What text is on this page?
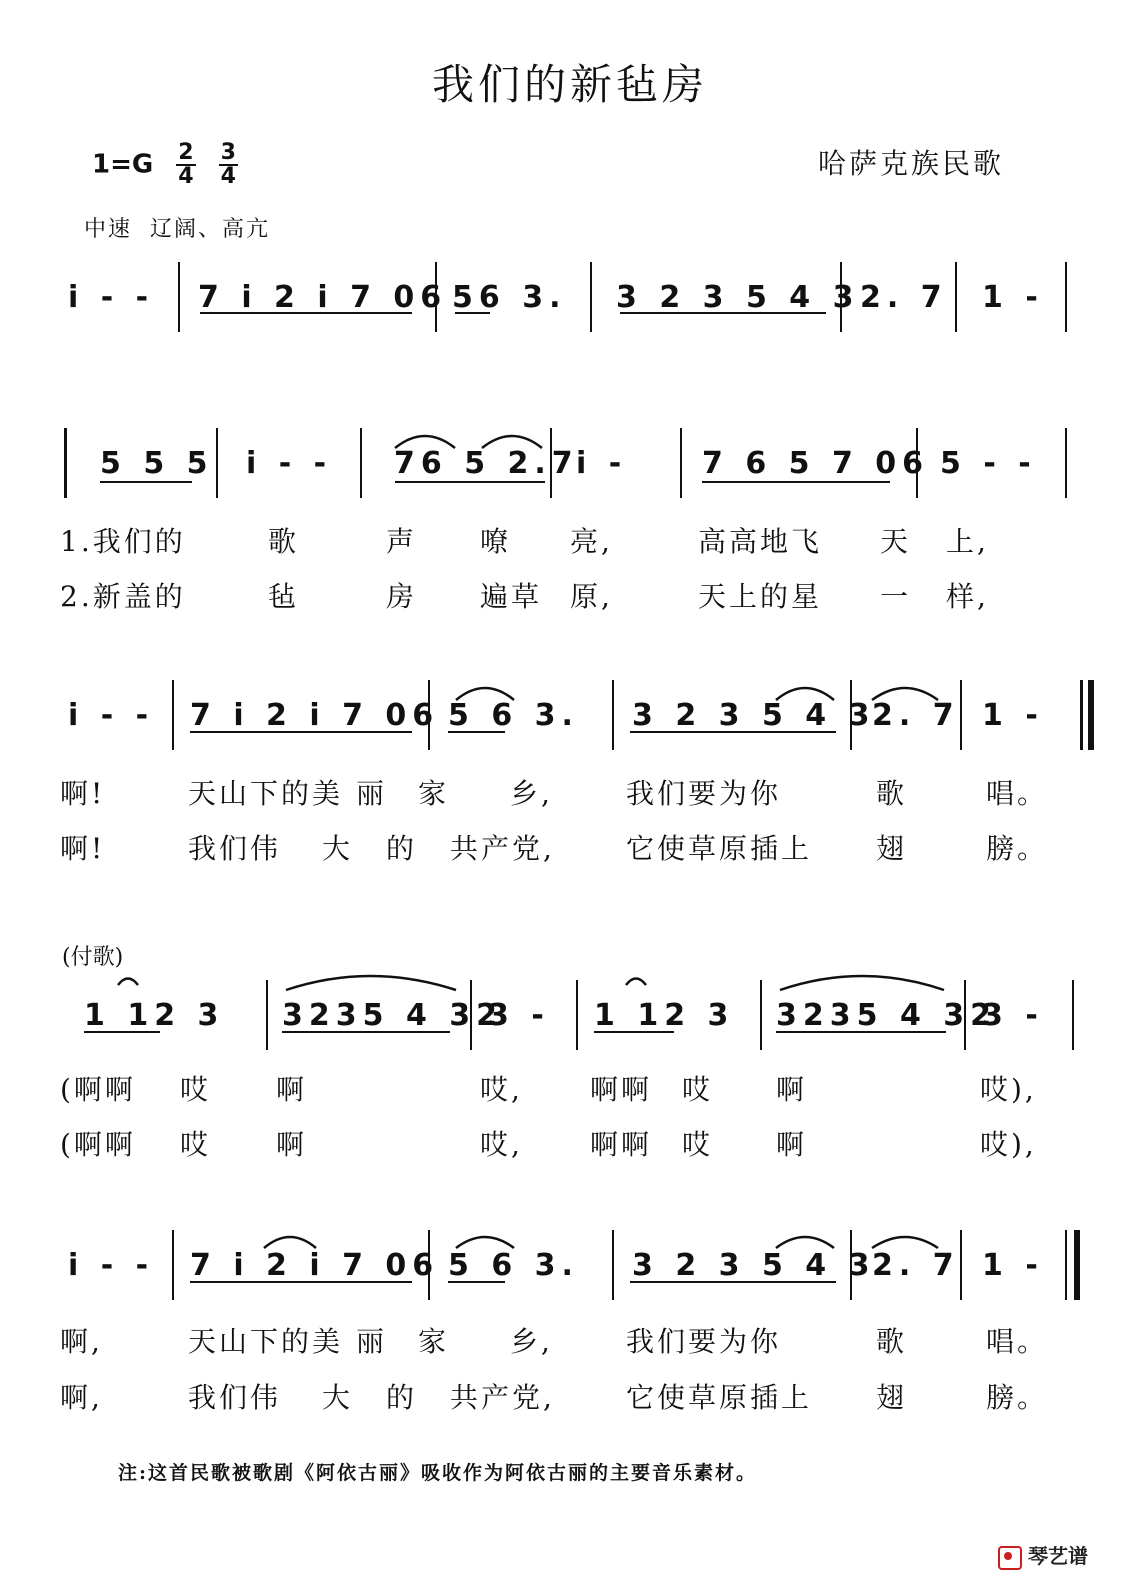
我们的新毡房
$1=G \frac{2}{4}$
$\frac{3}{4}$	哈萨克族民歌
中速 辽阔、高亢
i - - 7 i 2 i 7 06 56 3. 3 2 3 5 4 3 2. 7 1 -
5 5 5 i - - 76 5 2.7
i - 7 6 5 7 06 5 - -
1.我们的	歌	声 嘹 亮,	高高地飞 天 上,
2.新盖的	毡	房 遍草 原,	天上的星 一 样,
i - - 7 i 2 i 7 06 5 6 3. 3 2 3 5 4 3
2. 7 1 -
啊!	天山下的美 丽 家 乡,	我们要为你	歌	唱。
啊!	我们伟 大 的 共产党,	它使草原插上 翅	膀。
(付歌)
1 12 3 3235 4 32
3 - 1 12 3 3235 4 32
3 -
(啊啊 哎 啊	哎, 啊啊 哎 啊	哎),
(啊啊 哎 啊	哎, 啊啊 哎 啊	哎),
i - - 7 i 2 i 7 06 5 6 3. 3 2 3 5 4 3
2. 7 1 -
啊,	天山下的美 丽 家 乡,	我们要为你	歌	唱。
啊,	我们伟 大 的 共产党,	它使草原插上 翅	膀。
注:这首民歌被歌剧《阿依古丽》吸收作为阿依古丽的主要音乐素材。
琴艺谱
